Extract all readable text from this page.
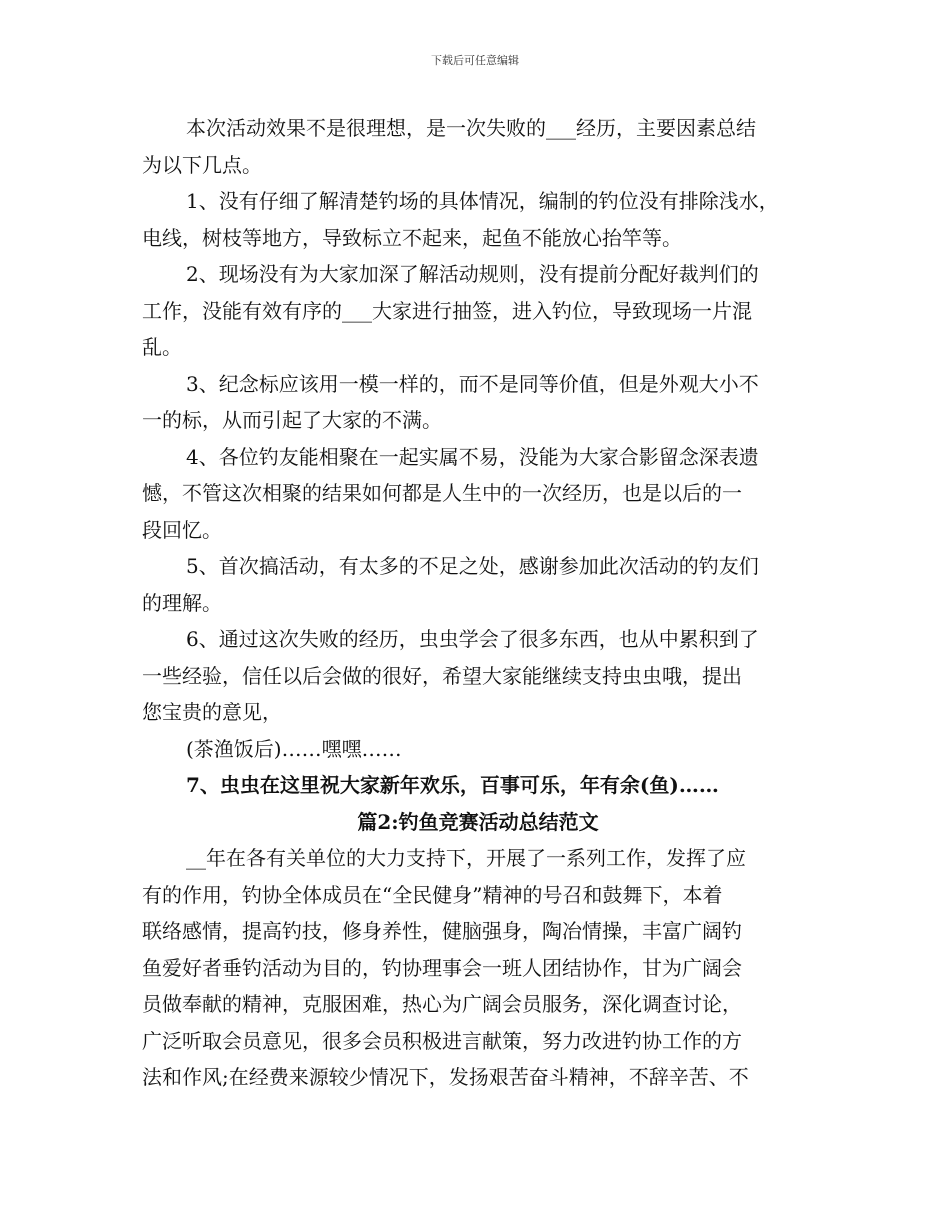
下载后可任意编辑
本次活动效果不是很理想，是一次失败的___经历，主要因素总结
为以下几点。
1、没有仔细了解清楚钓场的具体情况，编制的钓位没有排除浅水，
电线，树枝等地方，导致标立不起来，起鱼不能放心抬竿等。
2、现场没有为大家加深了解活动规则，没有提前分配好裁判们的
工作，没能有效有序的___大家进行抽签，进入钓位，导致现场一片混
乱。
3、纪念标应该用一模一样的，而不是同等价值，但是外观大小不
一的标，从而引起了大家的不满。
4、各位钓友能相聚在一起实属不易，没能为大家合影留念深表遗
憾，不管这次相聚的结果如何都是人生中的一次经历，也是以后的一
段回忆。
5、首次搞活动，有太多的不足之处，感谢参加此次活动的钓友们
的理解。
6、通过这次失败的经历，虫虫学会了很多东西，也从中累积到了
一些经验，信任以后会做的很好，希望大家能继续支持虫虫哦，提出
您宝贵的意见，
(茶渔饭后)……嘿嘿……
7、虫虫在这里祝大家新年欢乐，百事可乐，年有余(鱼)……
篇2:钓鱼竞赛活动总结范文
__年在各有关单位的大力支持下，开展了一系列工作，发挥了应
有的作用，钓协全体成员在“全民健身”精神的号召和鼓舞下，本着
联络感情，提高钓技，修身养性，健脑强身，陶冶情操，丰富广阔钓
鱼爱好者垂钓活动为目的，钓协理事会一班人团结协作，甘为广阔会
员做奉献的精神，克服困难，热心为广阔会员服务，深化调查讨论，
广泛听取会员意见，很多会员积极进言献策，努力改进钓协工作的方
法和作风;在经费来源较少情况下，发扬艰苦奋斗精神，不辞辛苦、不
